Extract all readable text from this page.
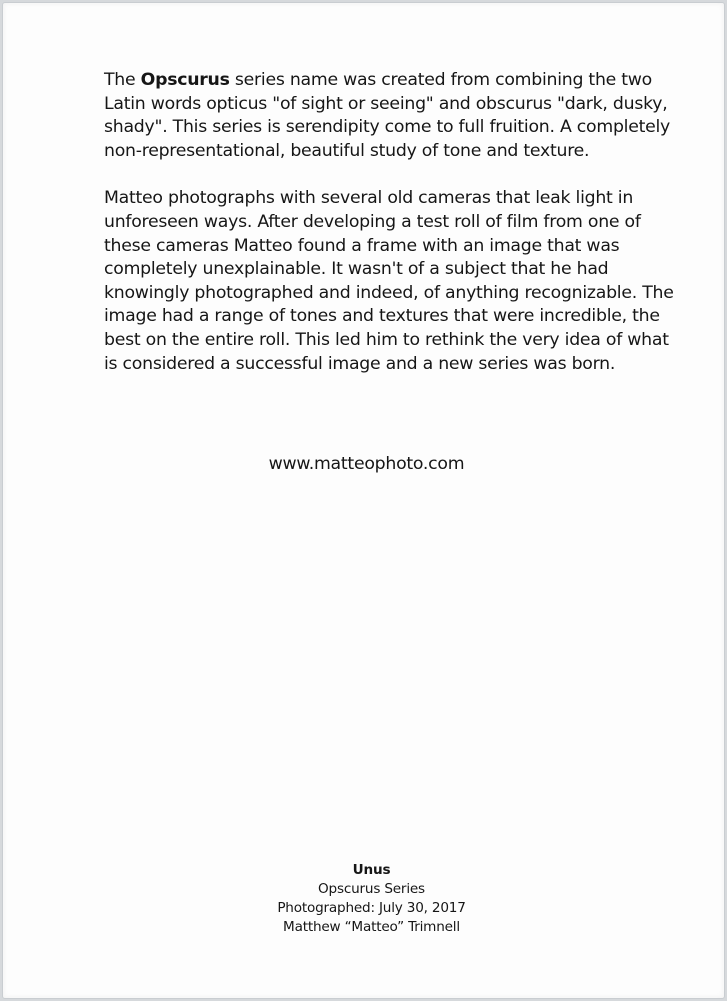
The Opscurus series name was created from combining the two Latin words opticus "of sight or seeing" and obscurus "dark, dusky, shady". This series is serendipity come to full fruition. A completely non-representational, beautiful study of tone and texture.

Matteo photographs with several old cameras that leak light in unforeseen ways. After developing a test roll of film from one of these cameras Matteo found a frame with an image that was completely unexplainable. It wasn't of a subject that he had knowingly photographed and indeed, of anything recognizable. The image had a range of tones and textures that were incredible, the best on the entire roll. This led him to rethink the very idea of what is considered a successful image and a new series was born.

www.matteophoto.com
Unus
Opscurus Series
Photographed: July 30, 2017
Matthew “Matteo” Trimnell
